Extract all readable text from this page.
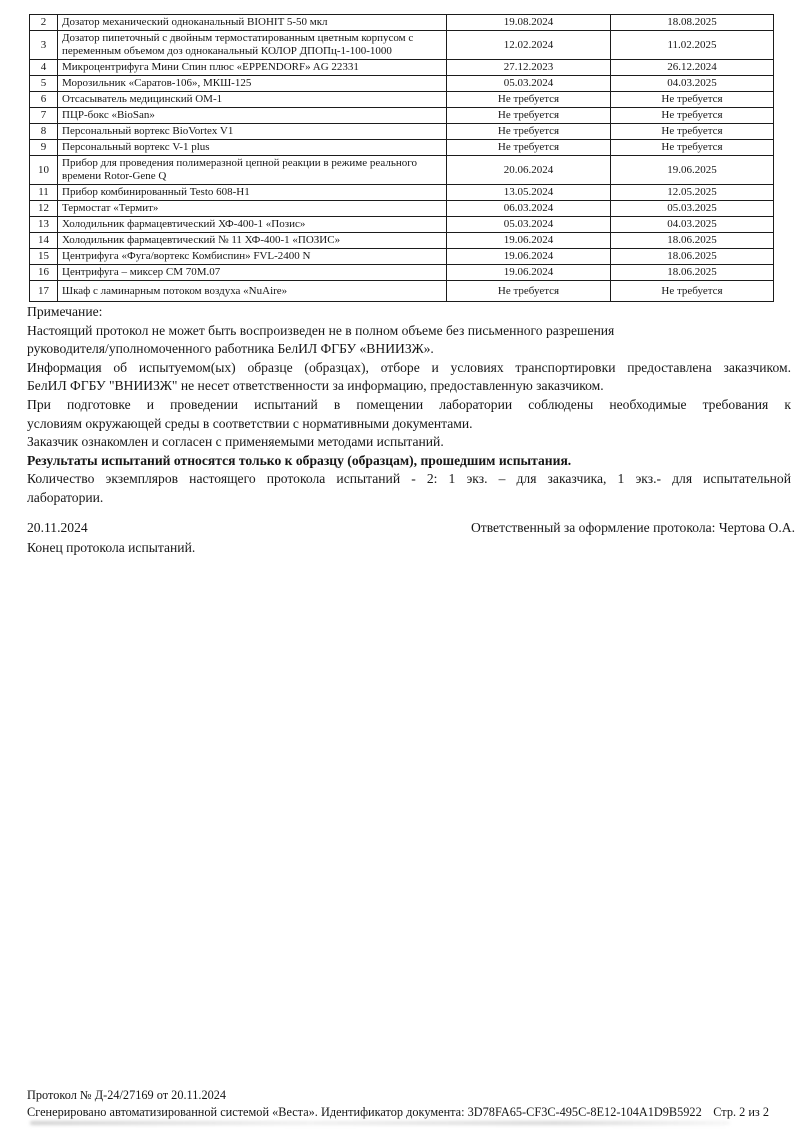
2	Дозатор механический одноканальный BIOHIT 5-50 мкл	19.08.2024	18.08.2025
3	Дозатор пипеточный с двойным термостатированным цветным корпусом с переменным объемом доз одноканальный КОЛОР ДПОПц-1-100-1000	12.02.2024	11.02.2025
4	Микроцентрифуга Мини Спин плюс «EPPENDORF» AG 22331	27.12.2023	26.12.2024
5	Морозильник «Саратов-106», МКШ-125	05.03.2024	04.03.2025
6	Отсасыватель медицинский ОМ-1	Не требуется	Не требуется
7	ПЦР-бокс «BioSan»	Не требуется	Не требуется
8	Персональный вортекс BioVortex V1	Не требуется	Не требуется
9	Персональный вортекс V-1 plus	Не требуется	Не требуется
10	Прибор для проведения полимеразной цепной реакции в режиме реального времени Rotor-Gene Q	20.06.2024	19.06.2025
11	Прибор комбинированный Testo 608-H1	13.05.2024	12.05.2025
12	Термостат «Термит»	06.03.2024	05.03.2025
13	Холодильник фармацевтический ХФ-400-1 «Позис»	05.03.2024	04.03.2025
14	Холодильник фармацевтический № 11 ХФ-400-1 «ПОЗИС»	19.06.2024	18.06.2025
15	Центрифуга «Фуга/вортекс Комбиспин» FVL-2400 N	19.06.2024	18.06.2025
16	Центрифуга – миксер СМ 70М.07	19.06.2024	18.06.2025
17	Шкаф с ламинарным потоком воздуха «NuAire»	Не требуется	Не требуется
Примечание:
Настоящий протокол не может быть воспроизведен не в полном объеме без письменного разрешения
руководителя/уполномоченного работника БелИЛ ФГБУ «ВНИИЗЖ».
Информация об испытуемом(ых) образце (образцах), отборе и условиях транспортировки предоставлена заказчиком.
БелИЛ ФГБУ "ВНИИЗЖ" не несет ответственности за информацию, предоставленную заказчиком.
При подготовке и проведении испытаний в помещении лаборатории соблюдены необходимые требования к
условиям окружающей среды в соответствии с нормативными документами.
Заказчик ознакомлен и согласен с применяемыми методами испытаний.
Результаты испытаний относятся только к образцу (образцам), прошедшим испытания.
Количество экземпляров настоящего протокола испытаний - 2: 1 экз. – для заказчика, 1 экз.- для испытательной
лаборатории.
20.11.2024	Ответственный за оформление протокола: Чертова О.А.
Конец протокола испытаний.
Протокол № Д-24/27169 от 20.11.2024
Сгенерировано автоматизированной системой «Веста». Идентификатор документа: 3D78FA65-CF3C-495C-8E12-104A1D9B5922 Стр. 2 из 2
